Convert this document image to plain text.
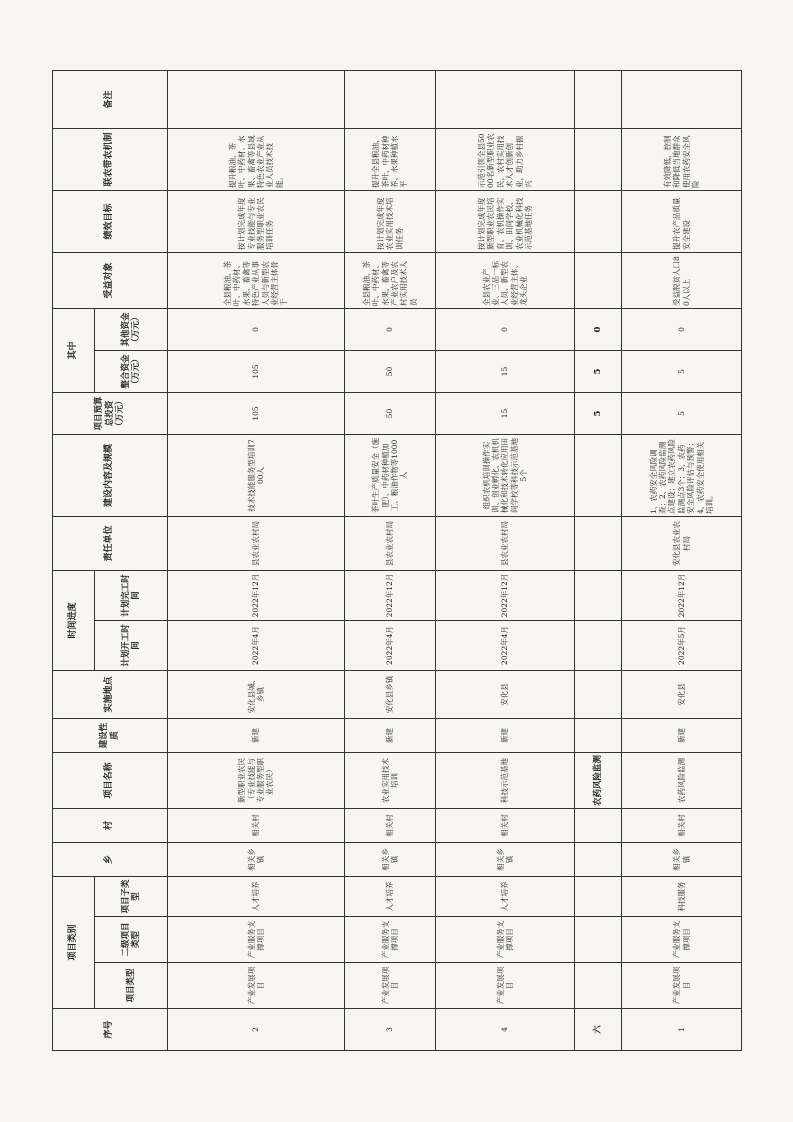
序号	项目类别			乡	村	项目名称	建设性质	实施地点	时间进度		责任单位	建设内容及规模	项目预算总投资（万元）	其中		受益对象	绩效目标	联农带农机制	备注
	项目类型	二级项目类型	项目子类型						计划开工时间	计划完工时间				整合资金（万元）	其他资金（万元）				
2	产业发展项目	产业服务支撑项目	人才培养	相关乡镇	相关村	新型职业农民（专业技能与专业服务型职业农民）	新建	安化县城、乡镇	2022年4月	2022年12月	县农业农村局	技术技能服务型培训700人	105	105	0	全县粮油、茶叶、中药材、水果、畜禽等特色产业从事人员与新型农业经营主体骨干	按计划完成年度专业技能与专业服务型职业农民培训任务	提升粮油、茶叶、中药材、水果、畜禽等县域特色农业产业从业人员技术技能。	
3	产业发展项目	产业服务支撑项目	人才培养	相关乡镇	相关村	农业实用技术培训	新建	安化县乡镇	2022年4月	2022年12月	县农业农村局	茶叶生产质量安全（施肥）、中药材种植加工、粮油作物等1000人	50	50	0	全县粮油、茶叶、中药材、水果、畜禽等产业农户及农村实用技术人员	按计划完成年度农业实用技术培训任务	提升全县粮油、茶叶、中药材种养、水果种植水平	
4	产业发展项目	产业服务支撑项目	人才培养	相关乡镇	相关村	科技示范基地	新建	安化县	2022年4月	2022年12月	县农业农村局	组织农机培训操作实训、创业孵化、农机机械化和技术转化应用田间学校等科技示范基地5个	15	15	0	全县农业产业、三品一标人员、新型农业经营主体、龙头企业	按计划完成年度新型职业农民培育、农机操作实训、田间学校、农业机械化科技示范基地任务	示范引领全县5000名新型职业农民，农村实用技术人才创新创业，助力乡村振兴	
六						农药风险监测							5	5	0				
1	产业发展项目	产业服务支撑项目	科技服务	相关乡镇	相关村	农药风险监测	新建	安化县	2022年5月	2022年12月	安化县农业农村局	1、农药安全风险调查；2、农药风险监测点建设；建立农药风险监测点3个；3、农药安全风险评估与预警；4、农药安全使用相关培训。	5	5	0	受益脱贫人口80人以上	提升农产品质量安全建设	有效降低、控制和降低当地群众使用农药安全风险	
